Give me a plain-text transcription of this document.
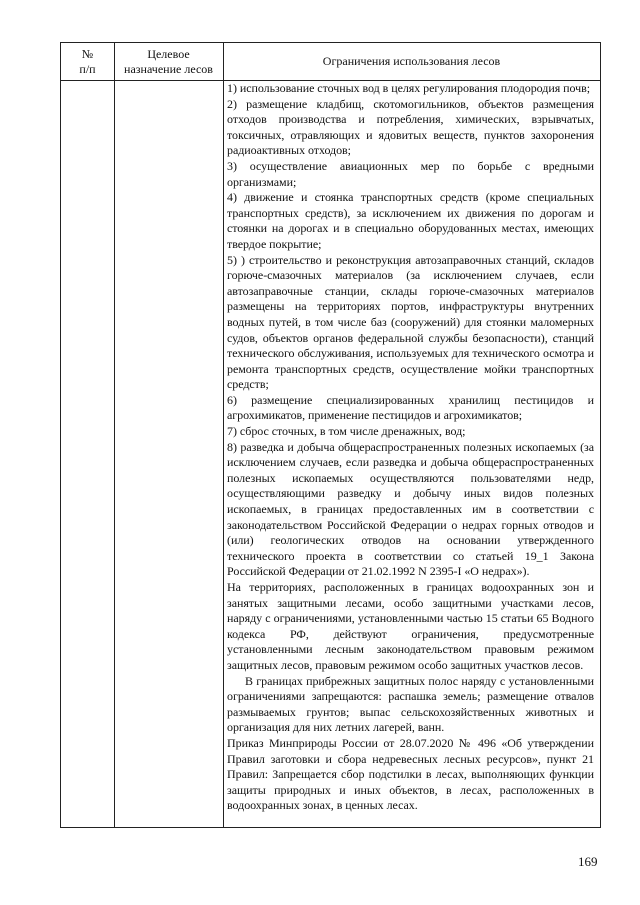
№
п/п
Целевое
назначение лесов
Ограничения использования лесов

1) использование сточных вод в целях регулирования плодородия почв;

2) размещение кладбищ, скотомогильников, объектов размещения отходов производства и потребления, химических, взрывчатых, токсичных, отравляющих и ядовитых веществ, пунктов захоронения радиоактивных отходов;

3) осуществление авиационных мер по борьбе с вредными организмами;

4) движение и стоянка транспортных средств (кроме специальных транспортных средств), за исключением их движения по дорогам и стоянки на дорогах и в специально оборудованных местах, имеющих твердое покрытие;

5) ) строительство и реконструкция автозаправочных станций, складов горюче-смазочных материалов (за исключением случаев, если автозаправочные станции, склады горюче-смазочных материалов размещены на территориях портов, инфраструктуры внутренних водных путей, в том числе баз (сооружений) для стоянки маломерных судов, объектов органов федеральной службы безопасности), станций технического обслуживания, используемых для технического осмотра и ремонта транспортных средств, осуществление мойки транспортных средств;

6) размещение специализированных хранилищ пестицидов и агрохимикатов, применение пестицидов и агрохимикатов;

7) сброс сточных, в том числе дренажных, вод;

8) разведка и добыча общераспространенных полезных ископаемых (за исключением случаев, если разведка и добыча общераспространенных полезных ископаемых осуществляются пользователями недр, осуществляющими разведку и добычу иных видов полезных ископаемых, в границах предоставленных им в соответствии с законодательством Российской Федерации о недрах горных отводов и (или) геологических отводов на основании утвержденного технического проекта в соответствии со статьей 19_1 Закона Российской Федерации от 21.02.1992 N 2395-I «О недрах»).

На территориях, расположенных в границах водоохранных зон и занятых защитными лесами, особо защитными участками лесов, наряду с ограничениями, установленными частью 15 статьи 65 Водного кодекса РФ, действуют ограничения, предусмотренные установленными лесным законодательством правовым режимом защитных лесов, правовым режимом особо защитных участков лесов.

В границах прибрежных защитных полос наряду с установленными ограничениями запрещаются: распашка земель; размещение отвалов размываемых грунтов; выпас сельскохозяйственных животных и организация для них летних лагерей, ванн.

Приказ Минприроды России от 28.07.2020 № 496 «Об утверждении Правил заготовки и сбора недревесных лесных ресурсов», пункт 21 Правил: Запрещается сбор подстилки в лесах, выполняющих функции защиты природных и иных объектов, в лесах, расположенных в водоохранных зонах, в ценных лесах.

169
